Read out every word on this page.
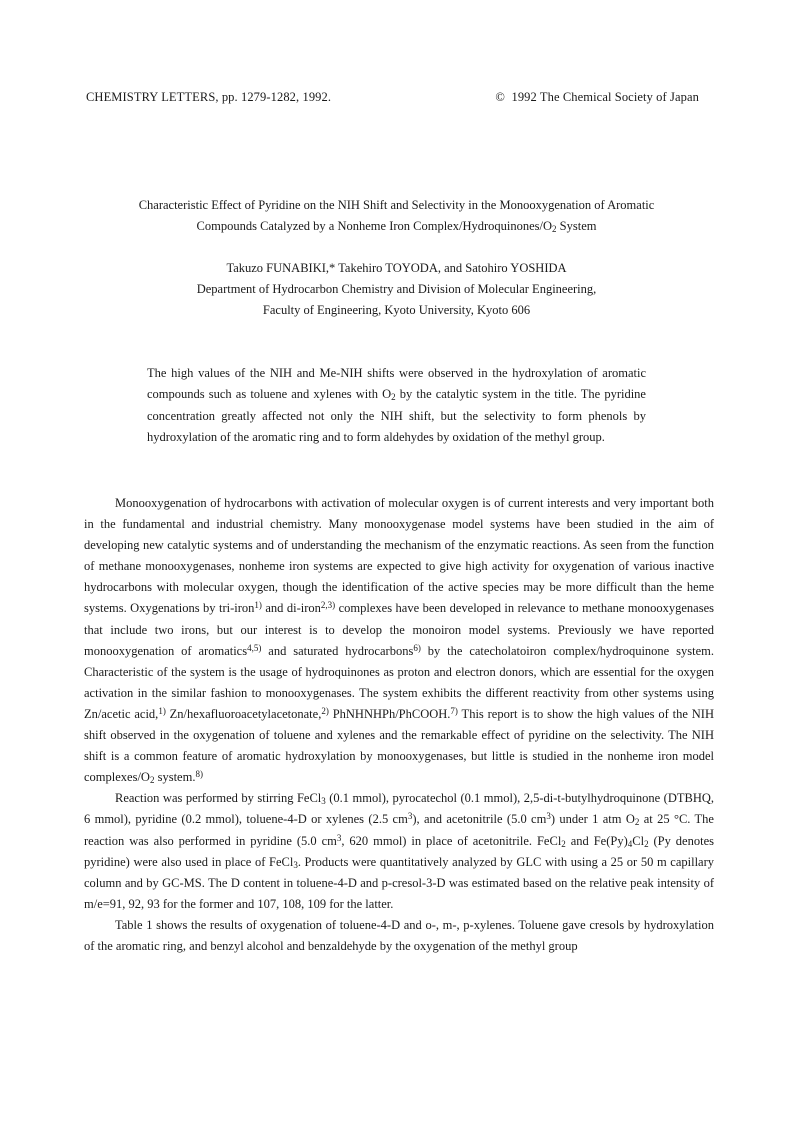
CHEMISTRY LETTERS, pp. 1279-1282, 1992.	© 1992 The Chemical Society of Japan
Characteristic Effect of Pyridine on the NIH Shift and Selectivity in the Monooxygenation of Aromatic
Compounds Catalyzed by a Nonheme Iron Complex/$Hydroquinones/O_2$ System
Takuzo FUNABIKI,* Takehiro TOYODA, and Satohiro YOSHIDA
Department of Hydrocarbon Chemistry and Division of Molecular Engineering,
Faculty of Engineering, Kyoto University, Kyoto 606
The high values of the NIH and Me-NIH shifts were observed in the hydroxylation of aromatic compounds such as toluene and xylenes with $O_2$ by the catalytic system in the title. The pyridine concentration greatly affected not only the NIH shift, but the selectivity to form phenols by hydroxylation of the aromatic ring and to form aldehydes by oxidation of the methyl group.

Monooxygenation of hydrocarbons with activation of molecular oxygen is of current interests and very important both in the fundamental and industrial chemistry. Many monooxygenase model systems have been studied in the aim of developing new catalytic systems and of understanding the mechanism of the enzymatic reactions. As seen from the function of methane monooxygenases, nonheme iron systems are expected to give high activity for oxygenation of various inactive hydrocarbons with molecular oxygen, though the identification of the active species may be more difficult than the heme systems. Oxygenations by tri-iron$^{1)}$ and di-iron$^{2,3)}$ complexes have been developed in relevance to methane monooxygenases that include two irons, but our interest is to develop the monoiron model systems. Previously we have reported monooxygenation of aromatics$^{4,5)}$ and saturated hydrocarbons$^{6)}$ by the catecholatoiron complex/hydroquinone system. Characteristic of the system is the usage of hydroquinones as proton and electron donors, which are essential for the oxygen activation in the similar fashion to monooxygenases. The system exhibits the different reactivity from other systems using Zn/acetic acid,$^{1)}$ Zn/hexafluoroacetylacetonate,$^{2)}$ PhNHNHPh/PhCOOH.$^{7)}$ This report is to show the high values of the NIH shift observed in the oxygenation of toluene and xylenes and the remarkable effect of pyridine on the selectivity. The NIH shift is a common feature of aromatic hydroxylation by monooxygenases, but little is studied in the nonheme iron model complexes/$O_2$ system.$^{8)}$

Reaction was performed by stirring FeCl$_3$ (0.1 mmol), pyrocatechol (0.1 mmol), 2,5-di-t-butylhydroquinone (DTBHQ, 6 mmol), pyridine (0.2 mmol), toluene-4-D or xylenes (2.5 $cm^3$), and acetonitrile (5.0 $cm^3$) under 1 atm $O_2$ at 25 °C. The reaction was also performed in pyridine (5.0 $cm^3$, 620 mmol) in place of acetonitrile. FeCl$_2$ and $Fe(Py)_4Cl_2$ (Py denotes pyridine) were also used in place of FeCl$_3$. Products were quantitatively analyzed by GLC with using a 25 or 50 m capillary column and by GC-MS. The D content in toluene-4-D and p-cresol-3-D was estimated based on the relative peak intensity of m/e=91, 92, 93 for the former and 107, 108, 109 for the latter.

Table 1 shows the results of oxygenation of toluene-4-D and o-, m-, p-xylenes. Toluene gave cresols by hydroxylation of the aromatic ring, and benzyl alcohol and benzaldehyde by the oxygenation of the methyl group
